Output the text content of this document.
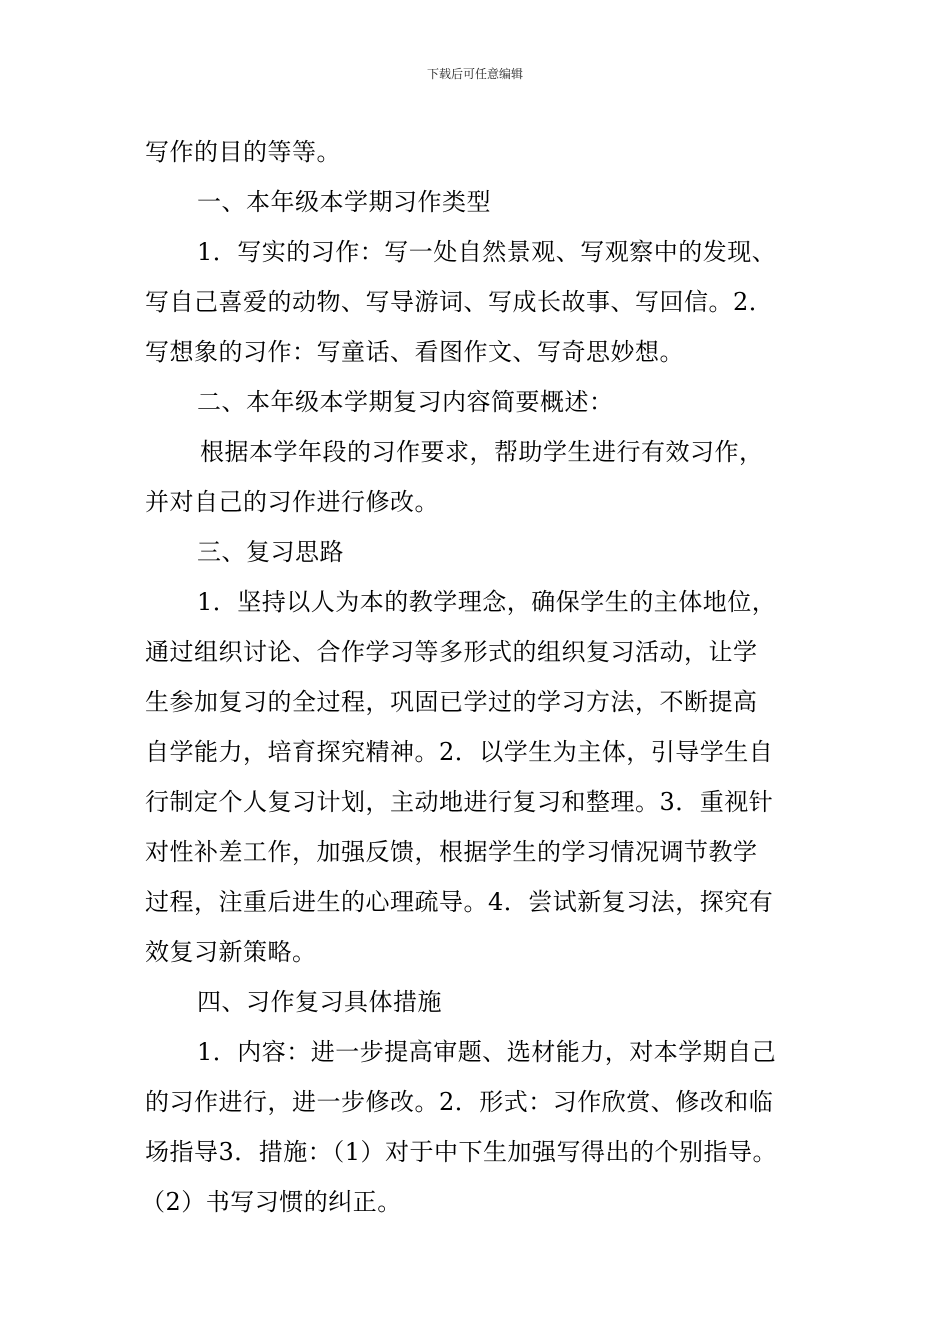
下载后可任意编辑
写作的目的等等。
一、本年级本学期习作类型
1．写实的习作：写一处自然景观、写观察中的发现、
写自己喜爱的动物、写导游词、写成长故事、写回信。2．
写想象的习作：写童话、看图作文、写奇思妙想。
二、本年级本学期复习内容简要概述：
根据本学年段的习作要求，帮助学生进行有效习作，
并对自己的习作进行修改。
三、复习思路
1．坚持以人为本的教学理念，确保学生的主体地位，
通过组织讨论、合作学习等多形式的组织复习活动，让学
生参加复习的全过程，巩固已学过的学习方法，不断提高
自学能力，培育探究精神。2．以学生为主体，引导学生自
行制定个人复习计划，主动地进行复习和整理。3．重视针
对性补差工作，加强反馈，根据学生的学习情况调节教学
过程，注重后进生的心理疏导。4．尝试新复习法，探究有
效复习新策略。
四、习作复习具体措施
1．内容：进一步提高审题、选材能力，对本学期自己
的习作进行，进一步修改。2．形式：习作欣赏、修改和临
场指导3．措施：（1）对于中下生加强写得出的个别指导。
（2）书写习惯的纠正。
